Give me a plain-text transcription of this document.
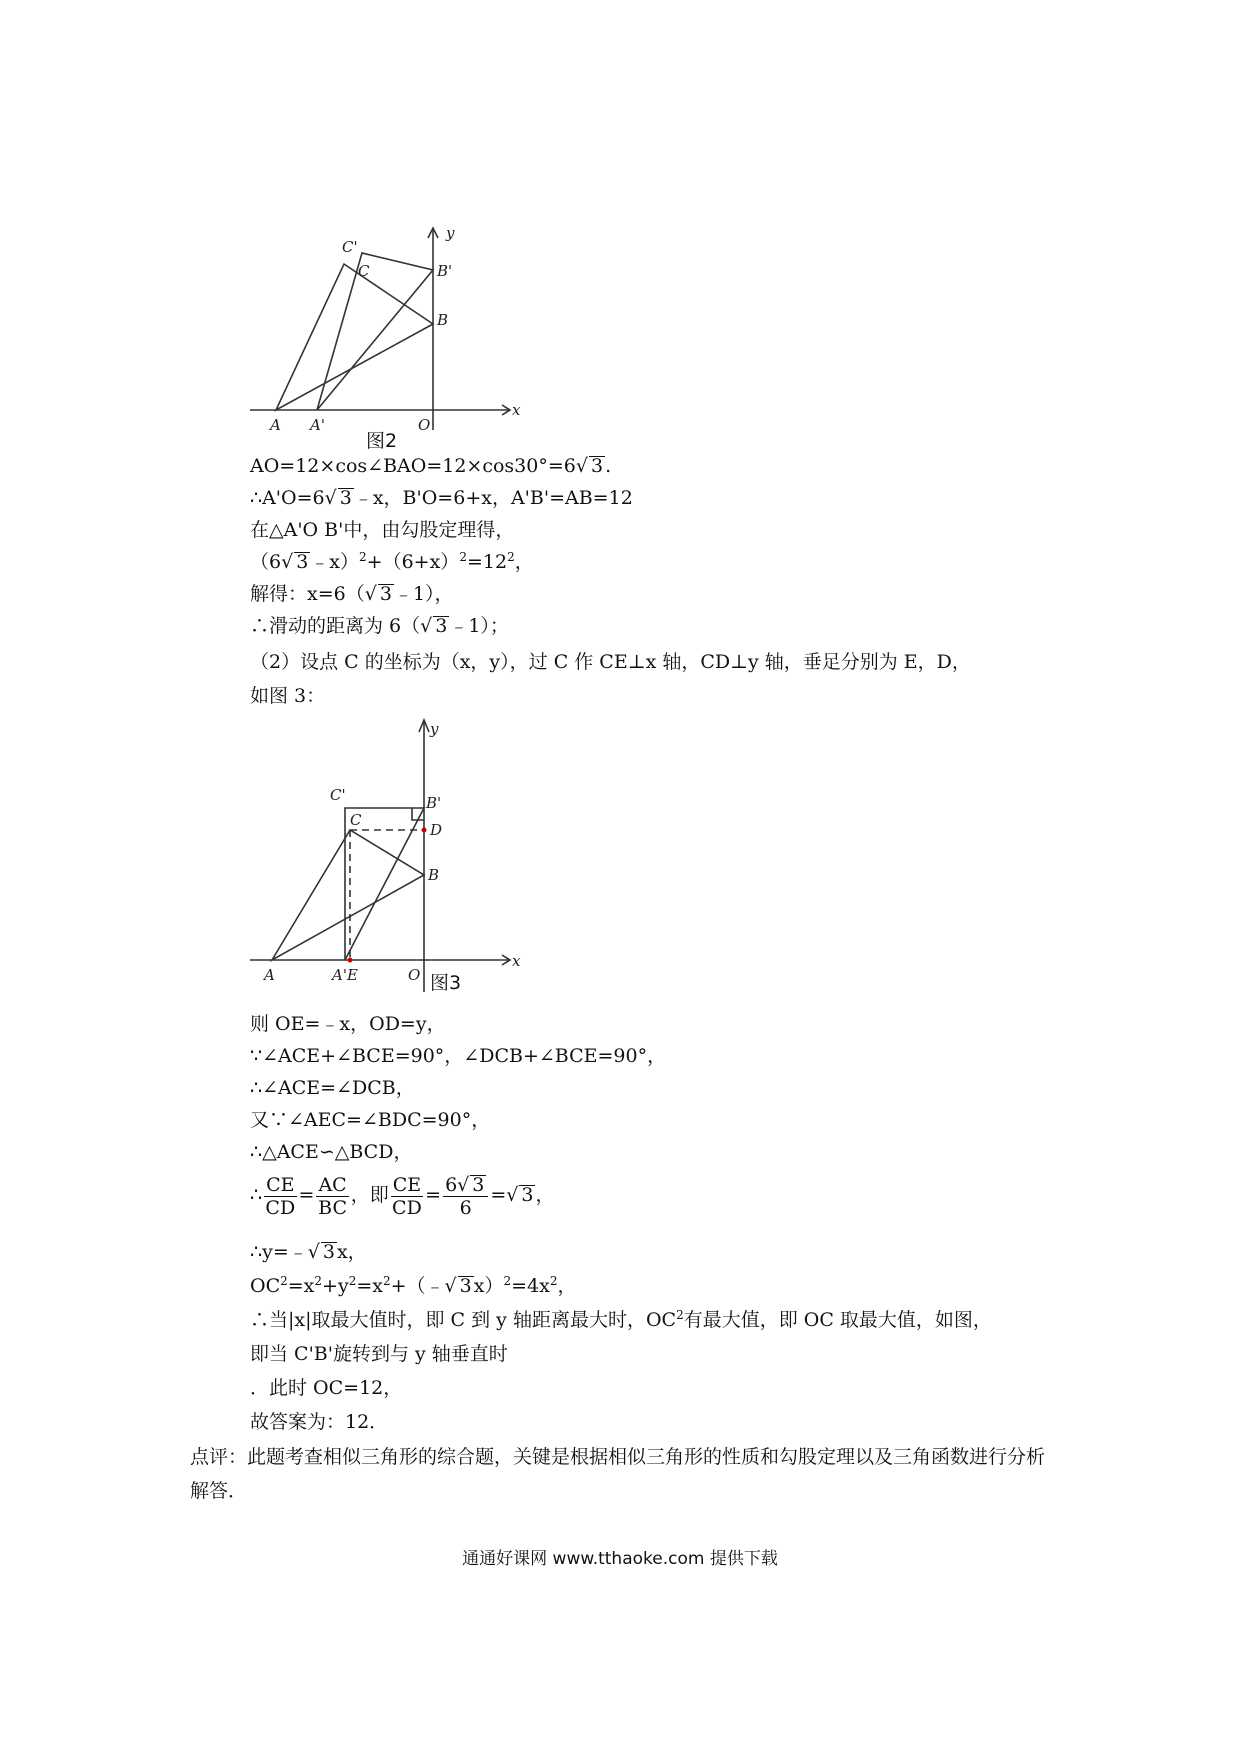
C'
C	B'
B
y
x
A A'	O
图2
AO=12×cos∠BAO=12×cos30°=6√ 3 .
∴A'O=6√ 3 ﹣x，B'O=6+x，A'B'=AB=12
在△A'O B'中，由勾股定理得，
（6√ 3 $﹣x)^2+(6+x)^2=12^2$，
解得：x=6（√ 3 ﹣1），
∴滑动的距离为 6（√ 3 ﹣1）；
（2）设点 C 的坐标为（x，y），过 C 作 CE⊥x 轴，CD⊥y 轴，垂足分别为 E，D，
如图 3：
C'
C
B'
D
B
y
x
A	A'E	O 图3
则 OE=﹣x，OD=y，
∵∠ACE+∠BCE=90°，∠DCB+∠BCE=90°，
∴∠ACE=∠DCB，
又∵∠AEC=∠BDC=90°，
∴△ACE∽△BCD，
∴ $\frac{CE}{CD} = \frac{AC}{BC}$ ，即 $\frac{CE}{CD} = \frac{6√ 3}{6}$ =√ 3 ，
∴y=﹣√ 3 x，
$OC^2=x^2+y^2=x^2+(﹣√$ 3 $x)^2=4x^2$，
∴当|x|取最大值时，即 C 到 y 轴距离最大时，$OC^2$有最大值，即 OC 取最大值，如图，
即当 C'B'旋转到与 y 轴垂直时
．此时 OC=12，
故答案为：12．
点评：此题考查相似三角形的综合题，关键是根据相似三角形的性质和勾股定理以及三角函数进行分析解答．
通通好课网 www.tthaoke.com 提供下载
